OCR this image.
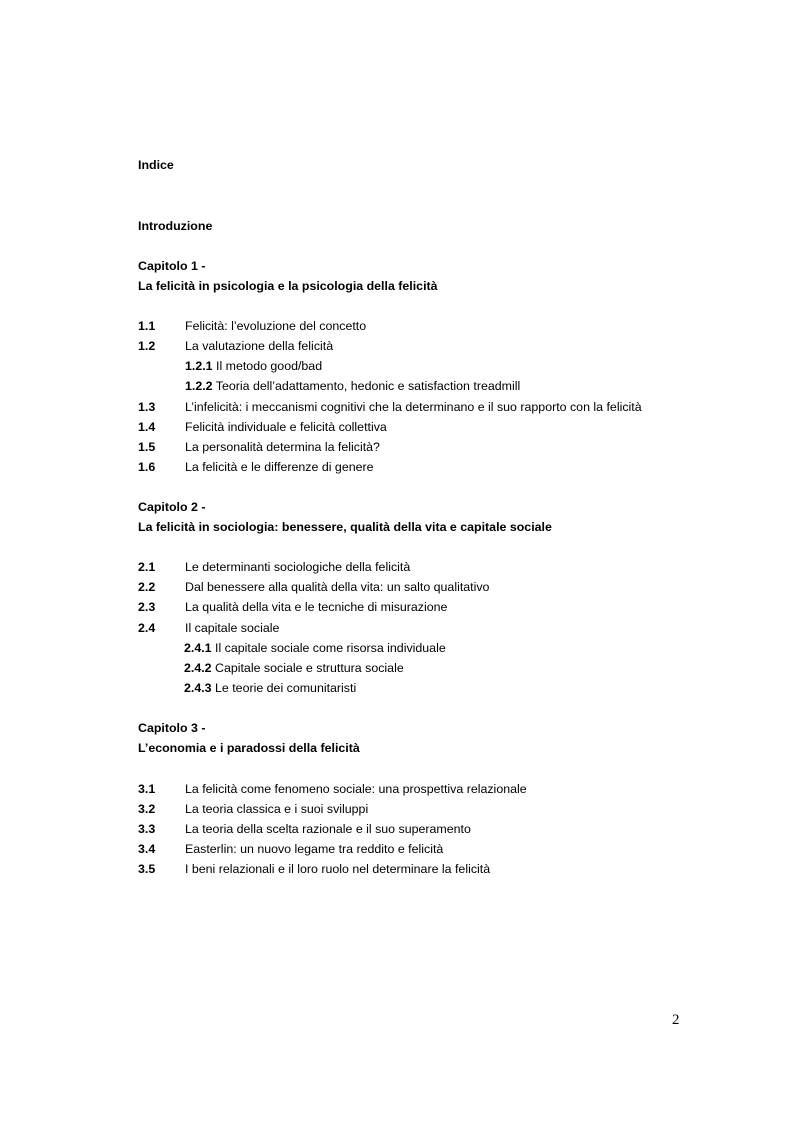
Indice
Introduzione
Capitolo 1 -
La felicità in psicologia e la psicologia della felicità
1.1 Felicità: l’evoluzione del concetto
1.2 La valutazione della felicità
1.2.1 Il metodo good/bad
1.2.2 Teoria dell’adattamento, hedonic e satisfaction treadmill
1.3 L’infelicità: i meccanismi cognitivi che la determinano e il suo rapporto con la felicità
1.4 Felicità individuale e felicità collettiva
1.5 La personalità determina la felicità?
1.6 La felicità e le differenze di genere
Capitolo 2 -
La felicità in sociologia: benessere, qualità della vita e capitale sociale
2.1 Le determinanti sociologiche della felicità
2.2 Dal benessere alla qualità della vita: un salto qualitativo
2.3 La qualità della vita e le tecniche di misurazione
2.4 Il capitale sociale
2.4.1 Il capitale sociale come risorsa individuale
2.4.2 Capitale sociale e struttura sociale
2.4.3 Le teorie dei comunitaristi
Capitolo 3 -
L’economia e i paradossi della felicità
3.1 La felicità come fenomeno sociale: una prospettiva relazionale
3.2 La teoria classica e i suoi sviluppi
3.3 La teoria della scelta razionale e il suo superamento
3.4 Easterlin: un nuovo legame tra reddito e felicità
3.5 I beni relazionali e il loro ruolo nel determinare la felicità
2
